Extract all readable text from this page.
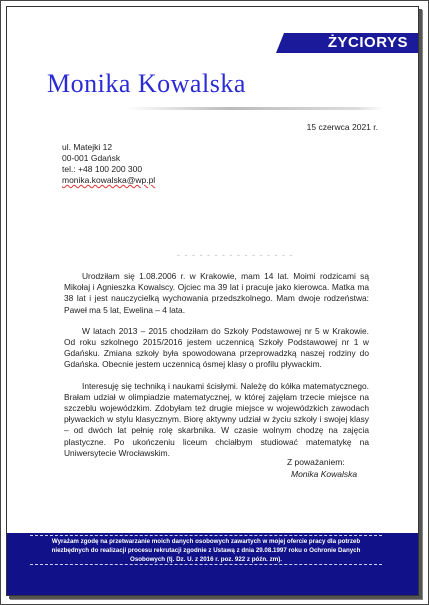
ŻYCIORYS
Monika Kowalska
15 czerwca 2021 r.
ul. Matejki 12
00-001 Gdańsk
tel.: +48 100 200 300
monika.kowalska@wp.pl
- - - - - - - - - - - - - - - -

Urodziłam się 1.08.2006 r. w Krakowie, mam 14 lat. Moimi rodzicami są Mikołaj i Agnieszka Kowalscy. Ojciec ma 39 lat i pracuje jako kierowca. Matka ma 38 lat i jest nauczycielką wychowania przedszkolnego. Mam dwoje rodzeństwa: Paweł ma 5 lat, Ewelina – 4 lata.

W latach 2013 – 2015 chodziłam do Szkoły Podstawowej nr 5 w Krakowie. Od roku szkolnego 2015/2016 jestem uczennicą Szkoły Podstawowej nr 1 w Gdańsku. Zmiana szkoły była spowodowana przeprowadzką naszej rodziny do Gdańska. Obecnie jestem uczennicą ósmej klasy o profilu pływackim.

Interesuję się techniką i naukami ścisłymi. Należę do kółka matematycznego. Brałam udział w olimpiadzie matematycznej, w której zajęłam trzecie miejsce na szczeblu wojewódzkim. Zdobyłam też drugie miejsce w wojewódzkich zawodach pływackich w stylu klasycznym. Biorę aktywny udział w życiu szkoły i swojej klasy – od dwóch lat pełnię rolę skarbnika. W czasie wolnym chodzę na zajęcia plastyczne. Po ukończeniu liceum chciałbym studiować matematykę na Uniwersytecie Wrocławskim.

Z poważaniem:
Monika Kowalska
Wyrażam zgodę na przetwarzanie moich danych osobowych zawartych w mojej ofercie pracy dla potrzeb niezbędnych do realizacji procesu rekrutacji zgodnie z Ustawą z dnia 29.08.1997 roku o Ochronie Danych Osobowych (tj. Dz. U. z 2016 r. poz. 922 z późn. zm).
